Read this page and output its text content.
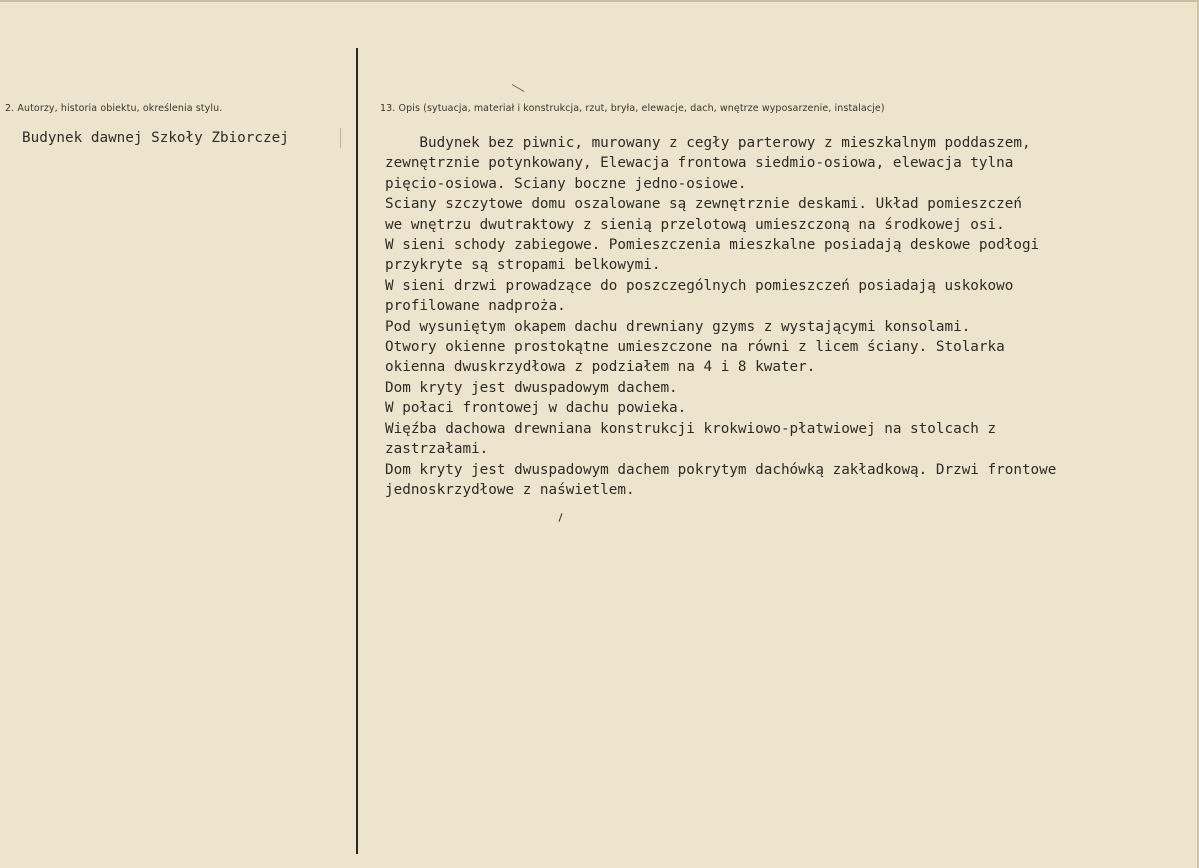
2. Autorzy, historia obiektu, określenia stylu.
Budynek dawnej Szkoły Zbiorczej
13. Opis (sytuacja, materiał i konstrukcja, rzut, bryła, elewacje, dach, wnętrze wyposarzenie, instalacje)
Budynek bez piwnic, murowany z cegły parterowy z mieszkalnym poddaszem,
zewnętrznie potynkowany, Elewacja frontowa siedmio-osiowa, elewacja tylna
pięcio-osiowa. Sciany boczne jedno-osiowe.
Sciany szczytowe domu oszalowane są zewnętrznie deskami. Układ pomieszczeń
we wnętrzu dwutraktowy z sienią przelotową umieszczoną na środkowej osi.
W sieni schody zabiegowe. Pomieszczenia mieszkalne posiadają deskowe podłogi
przykryte są stropami belkowymi.
W sieni drzwi prowadzące do poszczególnych pomieszczeń posiadają uskokowo
profilowane nadproża.
Pod wysuniętym okapem dachu drewniany gzyms z wystającymi konsolami.
Otwory okienne prostokątne umieszczone na równi z licem ściany. Stolarka
okienna dwuskrzydłowa z podziałem na 4 i 8 kwater.
Dom kryty jest dwuspadowym dachem.
W połaci frontowej w dachu powieka.
Więźba dachowa drewniana konstrukcji krokwiowo-płatwiowej na stolcach z
zastrzałami.
Dom kryty jest dwuspadowym dachem pokrytym dachówką zakładkową. Drzwi frontowe
jednoskrzydłowe z naświetlem.
